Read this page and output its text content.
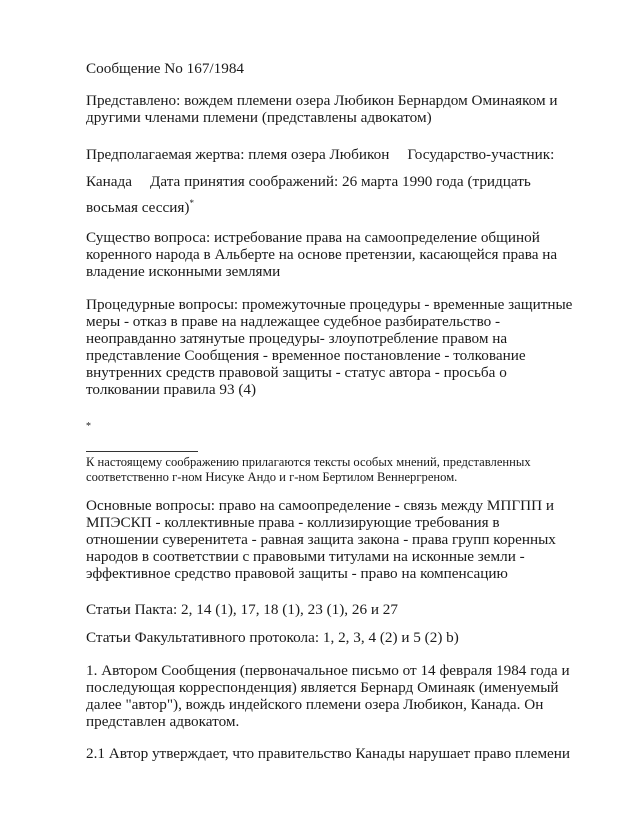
Сообщение No 167/1984
Представлено: вождем племени озера Любикон Бернардом Оминаяком и
другими членами племени (представлены адвокатом)
Предполагаемая жертва: племя озера Любикон Государство-участник:
Канада Дата принятия соображений: 26 марта 1990 года (тридцать
восьмая сессия)*
Существо вопроса: истребование права на самоопределение общиной
коренного народа в Альберте на основе претензии, касающейся права на
владение исконными землями
Процедурные вопросы: промежуточные процедуры - временные защитные
меры - отказ в праве на надлежащее судебное разбирательство -
неоправданно затянутые процедуры- злоупотребление правом на
представление Сообщения - временное постановление - толкование
внутренних средств правовой защиты - статус автора - просьба о
толковании правила 93 (4)
*
К настоящему соображению прилагаются тексты особых мнений, представленных
соответственно г-ном Нисуке Андо и г-ном Бертилом Веннергреном.
Основные вопросы: право на самоопределение - связь между МПГПП и
МПЭСКП - коллективные права - коллизирующие требования в
отношении суверенитета - равная защита закона - права групп коренных
народов в соответствии с правовыми титулами на исконные земли -
эффективное средство правовой защиты - право на компенсацию
Статьи Пакта: 2, 14 (1), 17, 18 (1), 23 (1), 26 и 27
Статьи Факультативного протокола: 1, 2, 3, 4 (2) и 5 (2) b)
1. Автором Сообщения (первоначальное письмо от 14 февраля 1984 года и
последующая корреспонденция) является Бернард Оминаяк (именуемый
далее "автор"), вождь индейского племени озера Любикон, Канада. Он
представлен адвокатом.
2.1 Автор утверждает, что правительство Канады нарушает право племени
